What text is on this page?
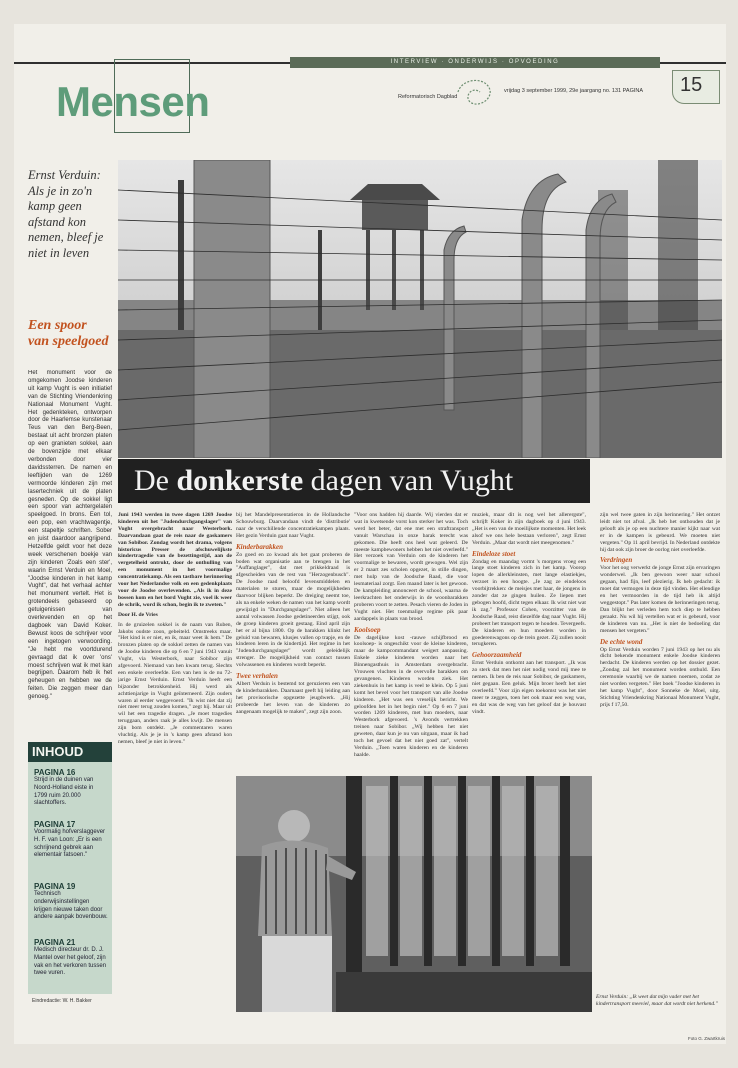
INTERVIEW · ONDERWIJS · OPVOEDING
Mensen	Reformatorisch Dagblad
vrijdag 3 september 1999, 29e jaargang no. 131 PAGINA	15
Ernst Verduin: Als je in zo'n kamp geen afstand kon nemen, bleef je niet in leven
De donkerste dagen van Vught
Een spoor van speelgoed
Het monument voor de omgekomen Joodse kinderen uit kamp Vught is een initiatief van de Stichting Vriendenkring Nationaal Monument Vught. Het gedenkteken, ontworpen door de Haarlemse kunstenaar Teus van den Berg-Been, bestaat uit acht bronzen platen op een granieten sokkel, aan de bovenzijde met elkaar verbonden door vier davidssterren. De namen en leeftijden van de 1269 vermoorde kinderen zijn met lasertechniek uit de platen gesneden. Op de sokkel ligt een spoor van achtergelaten speelgoed. In brons. Een tol, een pop, een vrachtwagentje, een stapeltje schriften. Sober en juist daardoor aangrijpend. Hetzelfde geldt voor het deze week verschenen boekje van zijn kinderen 'Zoals een ster', waarin Ernst Verduin en Moel, "Joodse kinderen in het kamp Vught", dat het verhaal achter het monument vertelt. Het is grotendeels gebaseerd op getuigenissen van overlevenden en op het dagboek van David Koker. Bewust koos de schrijver voor een ingetogen verwoording. "Je hebt me voortdurend gevraagd dat ik over 'ons' moest schrijven wat ik met kan begrijpen. Daarom heb ik het geheugen en hebben we de feiten. Die zeggen meer dan genoeg."
INHOUD
PAGINA 16
Strijd in de duinen van Noord-Holland eiste in 1799 ruim 20.000 slachtoffers.
PAGINA 17
Voormalig hofverslaggever H. F. van Loon: „Er is een schrijnend gebrek aan elementair fatsoen."
PAGINA 19
Technisch onderwijsinstellingen krijgen nieuwe taken door andere aanpak bovenbouw.
PAGINA 21
Medisch directeur dr. D. J. Mantel over het geloof, zijn vak en het verkoren tussen twee vuren.
Eindredactie: W. H. Bakker

Juni 1943 werden in twee dagen 1269 Joodse kinderen uit het "Judendurchgangslager" van Vught overgebracht naar Westerbork. Daarvandaan gaat de reis naar de gaskamers van Sobibor. Zondag wordt het drama, volgens historicus Presser de afschuwelijkste kindertragedie van de bezettingstijd, aan de vergetelheid ontrukt, door de onthulling van een monument in het voormalige concentratiekamp. Als een tastbare herinnering voor het Nederlandse volk en een gedenkplaats voor de Joodse overlevenden. „Als ik in deze bossen kom en het bord Vught zie, voel ik weer de schrik, word ik schon, begin ik te zweten."

Door H. de Vries

In de gruizelen sokkel is de naam van Ruben, Jakobs oudste zoon, gebeiteld. Omstreeks maar. "Het kind is er niet, en ik, maar weet ik hem." De bronzen platen op de sokkel zetten de namen van de Joodse kinderen die op 6 en 7 juni 1943 vanuit Vught, via Westerbork, naar Sobibor zijn afgevoerd. Niemand van hen kwam terug. Slechts een enkele overleefde. Een van hen is de nu 72-jarige Ernst Verduin. Ernst Verduin heeft een bijzonder betrokkenheid. Hij werd als achttienjarige in Vught geïnterneerd. Zijn ouders waren al eerder weggevoerd. "Ik wist niet dat zij niet meer terug zouden komen," zegt hij. Maar uit wil het een tragedie dragen. „Je moet tragedies teruggaan, anders raak je alles kwijt. De mensen zijn bom ontdekt. „Je commentaren waren vluchtig. Als je je in 's kamp geen afstand kon nemen, bleef je niet in leven."

bij het Mandelpresentatieron in de Hollandsche Schouwburg. Daarvandaan vindt de 'distributie' naar de verschillende concentratiekampen plaats. Het gezin Verduin gaat naar Vught.

Kinderbarakken

Zo goed en zo kwaad als het gaat proberen de boden wat organisatie aan te brengen in het "Auffanglager", dat met prikkeldraad is afgescheiden van de rest van "Herzogenbusch". De Joodse raad beloofd levensmiddelen en materialen te sturen, maar de mogelijkheden daarvoor blijken beperkt. De dreiging neemt toe, als na enkele weken de namen van het kamp wordt gewijzigd in "Durchgangslager". Niet alleen het aantal volwassen Joodse gedetineerden stijgt, ook de groep kinderen groeit gestaag. Eind april zijn het er al bijna 1800. Op de barakken klinkt het geluid van bewaren, klusjes vallen op trapje, en de kinderen leren in de kindertijd. Het regime in het "Judendurchgangslager" wordt geleidelijk strenger. De mogelijkheid van contact tussen volwassenen en kinderen wordt beperkt.

Twee verhalen

Albert Verduin is bestemd tot geruzieren een van de kinderbarakken. Daarnaast geeft hij leiding aan het provisorische opgezette jeugdwerk. „Hij probeerde het leven van de kinderen zo aangenaam mogelijk te maken", zegt zijn zoon.

"Voor ons hadden hij daarde. Wij vierden dat er wat in kwetsende vorst kon sterker het was. Toch werd het beter, dat ene met een straftransport vanuit Warschau in onze barak terecht was gekomen. Die heeft ons heel wat geleerd. De meeste kampbewoners hebben het niet overleefd." Het verzoek van Verduin om de kinderen het voormalige te bewaren, wordt gewogen. Wel zijn er 2 maart zes scholen opgezet, in stille dingen, met hulp van de Joodsche Raad, die voor lesmateriaal zorgt. Een maand later is het gewoon. De kampleiding annonceert de school, waarna de leerkrachten het onderwijs in de woonbarakken proberen voort te zetten. Pesach vieren de Joden in Vught niet. Het toenmalige regime pik paar aardappels in plaats van brood.

Koolsoep

De dagelijkse kost -rauwe schijfbrood en koolsoep- is ongeschikt voor de kleine kinderen, maar de kampcommandant weigert aanpassing. Enkele zieke kinderen worden naar het Binnengasthuis in Amsterdam overgebracht. Vrouwen vluchten in de overvolle barakken om gevangenen. Kinderen worden ziek. Het ziekenhuis in het kamp is veel te klein. Op 5 juni komt het bevel voor het transport van alle Joodse kinderen. „Het was een vreselijk bericht. We geloofden het in het begin niet." Op 6 en 7 juni worden 1269 kinderen, met hun moeders, naar Westerbork afgevoerd. 's Avonds vertrekken treinen naar Sobibor. „Wij hebben het niet geweten, daar kun je nu van uitgaan, maar ik had toch het gevoel dat het niet goed zat", vertelt Verduin. „Toen waren kinderen en de kinderen haalde.

muziek, maar dit is nog wel het allerergste", schrijft Koker in zijn dagboek op 4 juni 1943. „Het is een van de moeilijkste momenten. Het leek alsof we ons hele bestaan verloren", zegt Ernst Verduin. „Maar dat wordt niet meegenomen."

Eindeloze stoet

Zondag en maandag vormt 's morgens vroeg een lange stoet kinderen zich in het kamp. Voorop lopen de allerkleinsten, met lange elastiekjes, verzoet in een hoogte. „Je zag ze eindeloos voorbijtrekken: de meisjes met haar, de jongens in zonder dat ze gingen huilen. Ze liepen met gebogen hoofd, dicht tegen elkaar. Ik wist niet wat ik zag." Professor Cohen, voorzitter van de Joodsche Raad, reist diezelfde dag naar Vught. Hij probeert het transport tegen te houden. Tevergeefs. De kinderen en hun moeders worden in goederenwagons op de trein gezet. Zij zullen nooit terugkeren.

Gehoorzaamheid

Ernst Verduin ontkomt aan het transport. „Ik was zo sterk dat men het niet nodig vond mij mee te nemen. Ik ben de reis naar Sobibor, de gaskamers, niet gegaan. Een geluk. Mijn broer heeft het niet overleefd." Voor zijn eigen toekomst was het niet meer te zeggen, toen het ook maar een weg was, en dat was de weg van het geloof dat je houvast vindt.

zijn wel twee gaten in zijn herinnering." Het ontzet leidt niet tot afval. „Ik heb het onthouden dat je gelooft als je op een nuchtere manier kijkt naar wat er in de kampen is gebeurd. We moeten niet vergeten." Op 11 april bevrijd. In Nederland ontdekte hij dat ook zijn broer de oorlog niet overleefde.

Verdringen

Voor het oog verwerkt de jonge Ernst zijn ervaringen wonderwel. „Ik ben gewoon weer naar school gegaan, had fijn, leef plezierig. Ik heb gedacht: ik moet dat vermogen in deze tijd vinden. Het ellendige en het vermoorden in de tijd heb ik altijd weggestopt." Pas later komen de herinneringen terug. Dan blijkt het verleden hem toch diep te hebben geraakt. Nu wil hij vertellen wat er is gebeurd, voor de kinderen van nu. „Het is niet de bedoeling dat mensen het vergeten."

De echte wond

Op Ernst Verduin worden 7 juni 1943 op het nu als dicht bekende monument enkele Joodse kinderen herdacht. De kinderen werden op het dossier gezet. „Zondag zal het monument worden onthuld. Een ceremonie waarbij we de namen noemen, zodat ze niet worden vergeten." Het boek "Joodse kinderen in het kamp Vught", door Sonneke de Moel, uitg. Stichting Vriendenkring Nationaal Monument Vught, prijs f 17,50.

Ernst Verduin: „Ik weet dat mijn vader met het kindertransport meeviel, maar dat wordt niet herkend."
Foto G. Zwartkruis
